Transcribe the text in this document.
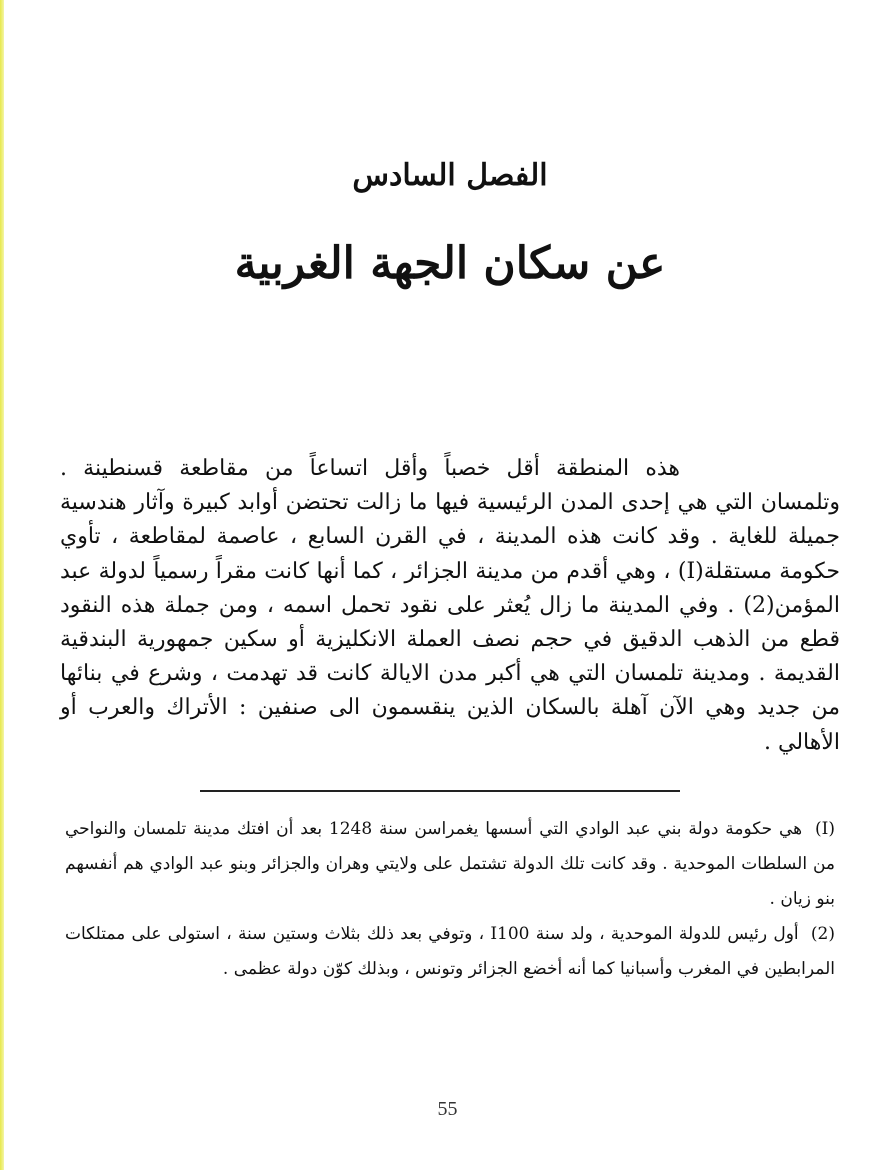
الفصل السادس
عن سكان الجهة الغربية

هذه المنطقة أقل خصباً وأقل اتساعاً من مقاطعة قسنطينة . وتلمسان التي هي إحدى المدن الرئيسية فيها ما زالت تحتضن أوابد كبيرة وآثار هندسية جميلة للغاية . وقد كانت هذه المدينة ، في القرن السابع ، عاصمة لمقاطعة ، تأوي حكومة مستقلة(I) ، وهي أقدم من مدينة الجزائر ، كما أنها كانت مقراً رسمياً لدولة عبد المؤمن(2) . وفي المدينة ما زال يُعثر على نقود تحمل اسمه ، ومن جملة هذه النقود قطع من الذهب الدقيق في حجم نصف العملة الانكليزية أو سكين جمهورية البندقية القديمة . ومدينة تلمسان التي هي أكبر مدن الايالة كانت قد تهدمت ، وشرع في بنائها من جديد وهي الآن آهلة بالسكان الذين ينقسمون الى صنفين : الأتراك والعرب أو الأهالي .

(I) هي حكومة دولة بني عبد الوادي التي أسسها يغمراسن سنة 1248 بعد أن افتك مدينة تلمسان والنواحي من السلطات الموحدية . وقد كانت تلك الدولة تشتمل على ولايتي وهران والجزائر وبنو عبد الوادي هم أنفسهم بنو زيان .

(2) أول رئيس للدولة الموحدية ، ولد سنة I100 ، وتوفي بعد ذلك بثلاث وستين سنة ، استولى على ممتلكات المرابطين في المغرب وأسبانيا كما أنه أخضع الجزائر وتونس ، وبذلك كوّن دولة عظمى .

55
